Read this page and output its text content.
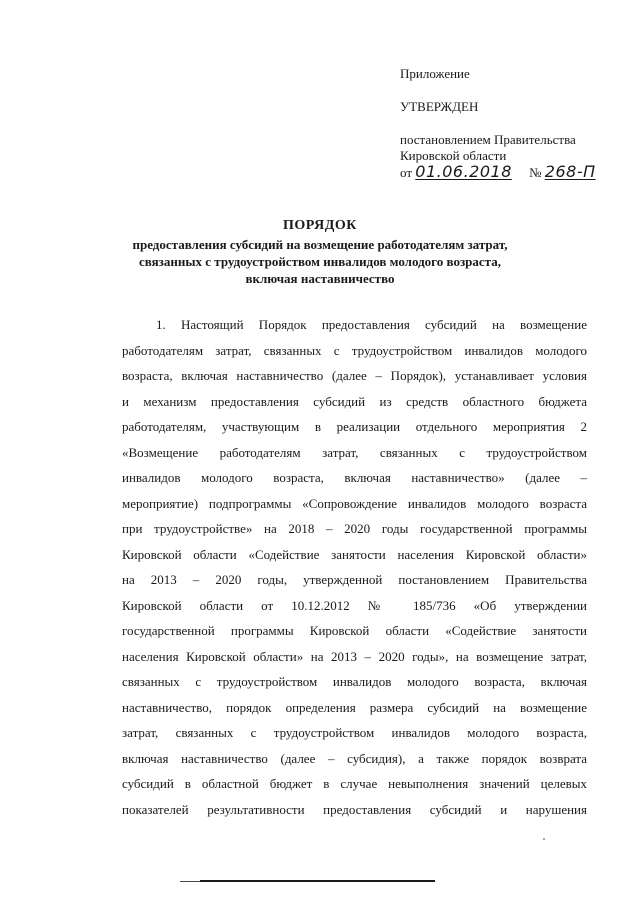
Приложение
УТВЕРЖДЕН
постановлением Правительства
Кировской области
от 01.06.2018 № 268-П
ПОРЯДОК
предоставления субсидий на возмещение работодателям затрат,
связанных с трудоустройством инвалидов молодого возраста,
включая наставничество
1. Настоящий Порядок предоставления субсидий на возмещение
работодателям затрат, связанных с трудоустройством инвалидов молодого
возраста, включая наставничество (далее – Порядок), устанавливает условия
и механизм предоставления субсидий из средств областного бюджета
работодателям, участвующим в реализации отдельного мероприятия 2
«Возмещение работодателям затрат, связанных с трудоустройством
инвалидов молодого возраста, включая наставничество» (далее –
мероприятие) подпрограммы «Сопровождение инвалидов молодого возраста
при трудоустройстве» на 2018 – 2020 годы государственной программы
Кировской области «Содействие занятости населения Кировской области»
на 2013 – 2020 годы, утвержденной постановлением Правительства
Кировской области от 10.12.2012 № 185/736 «Об утверждении
государственной программы Кировской области «Содействие занятости
населения Кировской области» на 2013 – 2020 годы», на возмещение затрат,
связанных с трудоустройством инвалидов молодого возраста, включая
наставничество, порядок определения размера субсидий на возмещение
затрат, связанных с трудоустройством инвалидов молодого возраста,
включая наставничество (далее – субсидия), а также порядок возврата
субсидий в областной бюджет в случае невыполнения значений целевых
показателей результативности предоставления субсидий и нарушения
